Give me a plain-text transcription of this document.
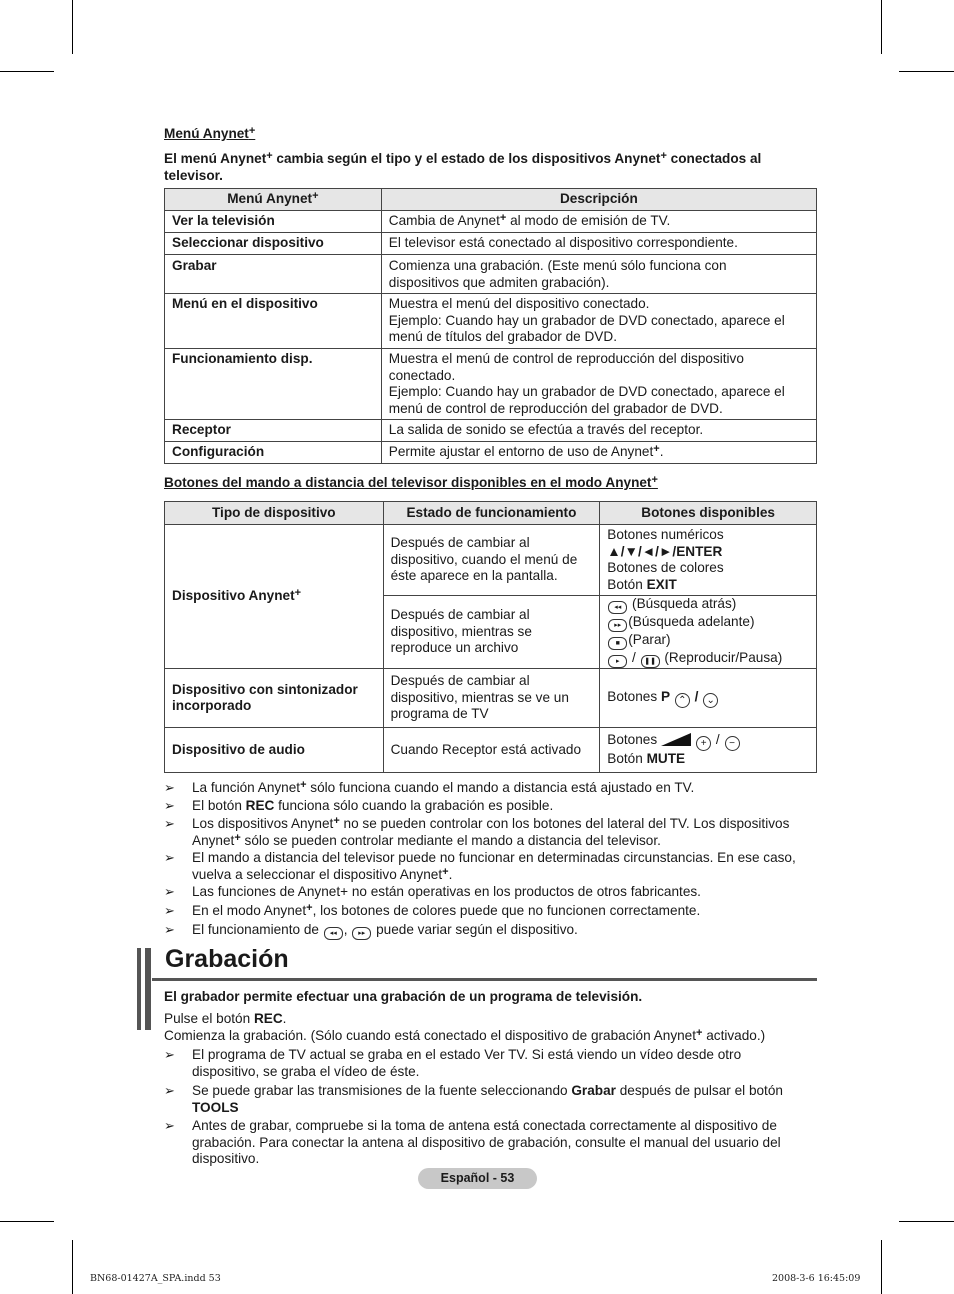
Menú Anynet+
El menú Anynet+ cambia según el tipo y el estado de los dispositivos Anynet+ conectados al
televisor.
Menú Anynet+	Descripción
Ver la televisión	Cambia de Anynet+ al modo de emisión de TV.
Seleccionar dispositivo	El televisor está conectado al dispositivo correspondiente.
Grabar	Comienza una grabación. (Este menú sólo funciona con
dispositivos que admiten grabación).
Menú en el dispositivo	Muestra el menú del dispositivo conectado.
Ejemplo: Cuando hay un grabador de DVD conectado, aparece el
menú de títulos del grabador de DVD.
Funcionamiento disp.	Muestra el menú de control de reproducción del dispositivo
conectado.
Ejemplo: Cuando hay un grabador de DVD conectado, aparece el
menú de control de reproducción del grabador de DVD.
Receptor	La salida de sonido se efectúa a través del receptor.
Configuración	Permite ajustar el entorno de uso de Anynet+.
Botones del mando a distancia del televisor disponibles en el modo Anynet+
Tipo de dispositivo	Estado de funcionamiento	Botones disponibles
Dispositivo Anynet+	Después de cambiar al
dispositivo, cuando el menú de
éste aparece en la pantalla.	Botones numéricos
▲/▼/◄/►/ENTER
Botones de colores
Botón EXIT
	Después de cambiar al
dispositivo, mientras se
reproduce un archivo	◂◂ (Búsqueda atrás)
▸▸ (Búsqueda adelante)
■ (Parar)
▸ / ❚❚ (Reproducir/Pausa)
Dispositivo con sintonizador
incorporado	Después de cambiar al
dispositivo, mientras se ve un
programa de TV	Botones P ⌃ / ⌄
Dispositivo de audio	Cuando Receptor está activado	Botones + / −
Botón MUTE
➢ La función Anynet+ sólo funciona cuando el mando a distancia está ajustado en TV.
➢ El botón REC funciona sólo cuando la grabación es posible.
➢ Los dispositivos Anynet+ no se pueden controlar con los botones del lateral del TV. Los dispositivos
Anynet+ sólo se pueden controlar mediante el mando a distancia del televisor.
➢ El mando a distancia del televisor puede no funcionar en determinadas circunstancias. En ese caso,
vuelva a seleccionar el dispositivo Anynet+.
➢ Las funciones de Anynet+ no están operativas en los productos de otros fabricantes.
➢ En el modo Anynet+, los botones de colores puede que no funcionen correctamente.
➢ El funcionamiento de ◂◂ , ▸▸ puede variar según el dispositivo.
Grabación
El grabador permite efectuar una grabación de un programa de televisión.
Pulse el botón REC.
Comienza la grabación. (Sólo cuando está conectado el dispositivo de grabación Anynet+ activado.)
➢ El programa de TV actual se graba en el estado Ver TV. Si está viendo un vídeo desde otro
dispositivo, se graba el vídeo de éste.
➢ Se puede grabar las transmisiones de la fuente seleccionando Grabar después de pulsar el botón
TOOLS
➢ Antes de grabar, compruebe si la toma de antena está conectada correctamente al dispositivo de
grabación. Para conectar la antena al dispositivo de grabación, consulte el manual del usuario del
dispositivo.
Español - 53
BN68-01427A_SPA.indd 53	2008-3-6 16:45:09
